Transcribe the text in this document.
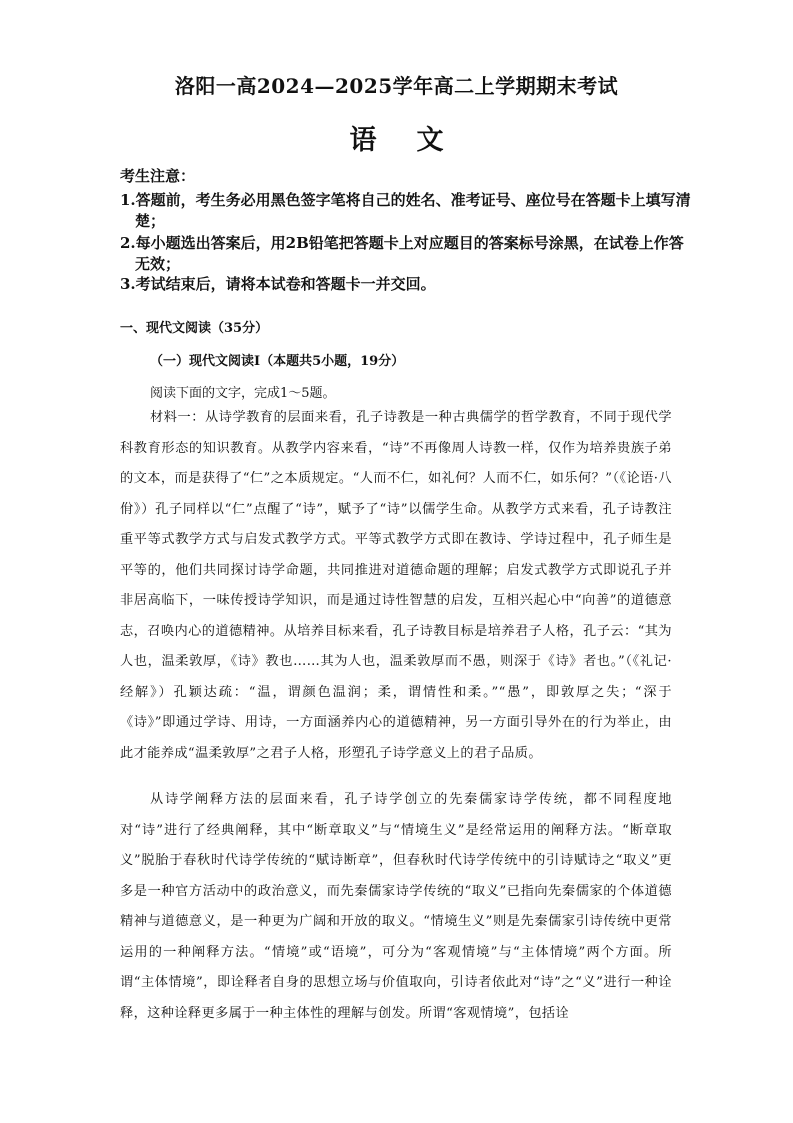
洛阳一高2024—2025学年高二上学期期末考试
语 文
考生注意：
1.答题前，考生务必用黑色签字笔将自己的姓名、准考证号、座位号在答题卡上填写清楚；
2.每小题选出答案后，用2B铅笔把答题卡上对应题目的答案标号涂黑，在试卷上作答无效；
3.考试结束后，请将本试卷和答题卡一并交回。
一、现代文阅读（35分）
（一）现代文阅读Ⅰ（本题共5小题，19分）
阅读下面的文字，完成1～5题。
材料一：从诗学教育的层面来看，孔子诗教是一种古典儒学的哲学教育，不同于现代学科教育形态的知识教育。从教学内容来看，“诗”不再像周人诗教一样，仅作为培养贵族子弟的文本，而是获得了“仁”之本质规定。“人而不仁，如礼何？人而不仁，如乐何？”（《论语·八佾》）孔子同样以“仁”点醒了“诗”，赋予了“诗”以儒学生命。从教学方式来看，孔子诗教注重平等式教学方式与启发式教学方式。平等式教学方式即在教诗、学诗过程中，孔子师生是平等的，他们共同探讨诗学命题，共同推进对道德命题的理解；启发式教学方式即说孔子并非居高临下，一味传授诗学知识，而是通过诗性智慧的启发，互相兴起心中“向善”的道德意志，召唤内心的道德精神。从培养目标来看，孔子诗教目标是培养君子人格，孔子云：“其为人也，温柔敦厚，《诗》教也……其为人也，温柔敦厚而不愚，则深于《诗》者也。”（《礼记·经解》）孔颖达疏：“温，谓颜色温润；柔，谓情性和柔。”“愚”，即敦厚之失；“深于《诗》”即通过学诗、用诗，一方面涵养内心的道德精神，另一方面引导外在的行为举止，由此才能养成“温柔敦厚”之君子人格，形塑孔子诗学意义上的君子品质。
从诗学阐释方法的层面来看，孔子诗学创立的先秦儒家诗学传统，都不同程度地对“诗”进行了经典阐释，其中“断章取义”与“情境生义”是经常运用的阐释方法。“断章取义”脱胎于春秋时代诗学传统的“赋诗断章”，但春秋时代诗学传统中的引诗赋诗之“取义”更多是一种官方活动中的政治意义，而先秦儒家诗学传统的“取义”已指向先秦儒家的个体道德精神与道德意义，是一种更为广阔和开放的取义。“情境生义”则是先秦儒家引诗传统中更常运用的一种阐释方法。“情境”或“语境”，可分为“客观情境”与“主体情境”两个方面。所谓“主体情境”，即诠释者自身的思想立场与价值取向，引诗者依此对“诗”之“义”进行一种诠释，这种诠释更多属于一种主体性的理解与创发。所谓“客观情境”，包括诠
